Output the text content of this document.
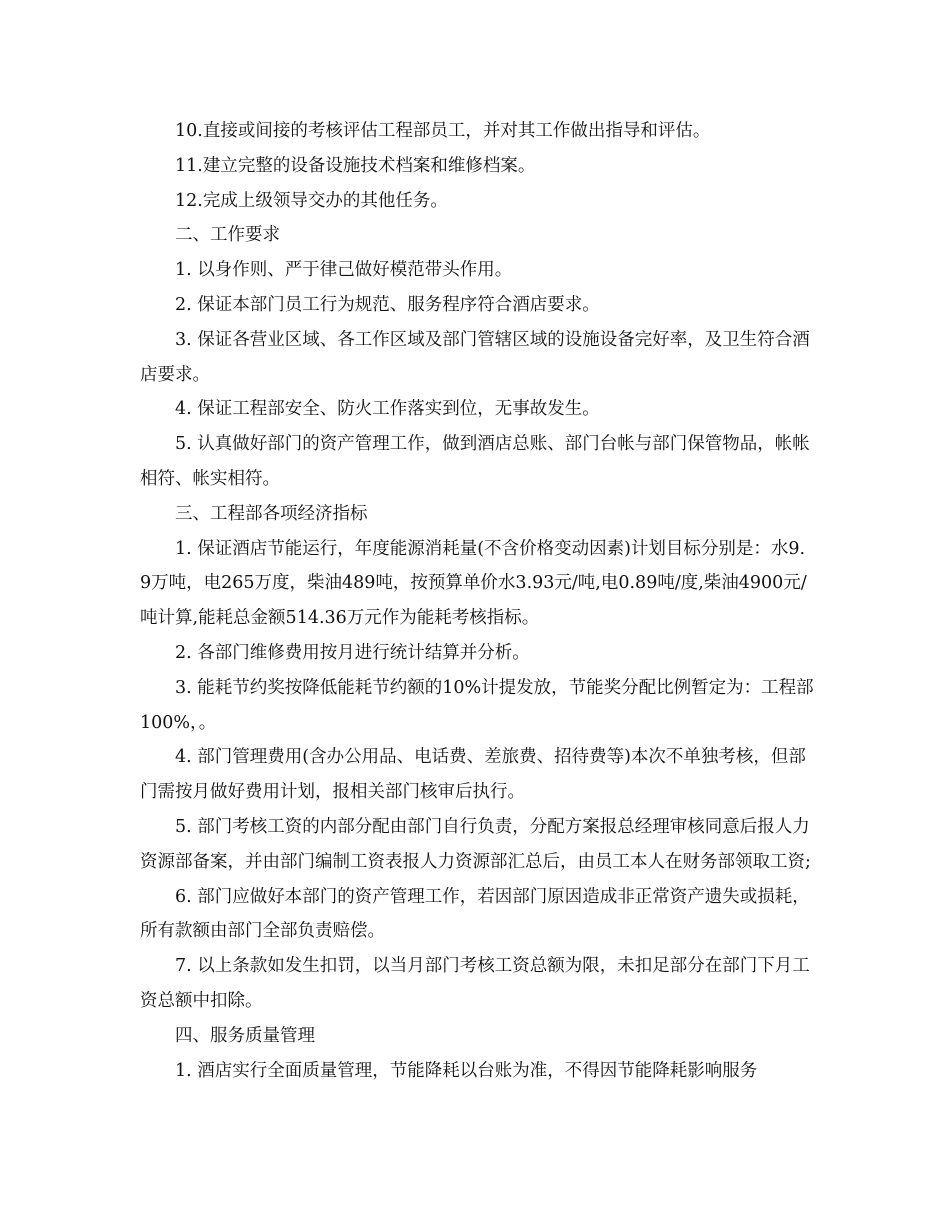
10.直接或间接的考核评估工程部员工，并对其工作做出指导和评估。

11.建立完整的设备设施技术档案和维修档案。

12.完成上级领导交办的其他任务。

二、工作要求

1. 以身作则、严于律己做好模范带头作用。

2. 保证本部门员工行为规范、服务程序符合酒店要求。

3. 保证各营业区域、各工作区域及部门管辖区域的设施设备完好率，及卫生符合酒店要求。

4. 保证工程部安全、防火工作落实到位，无事故发生。

5. 认真做好部门的资产管理工作，做到酒店总账、部门台帐与部门保管物品，帐帐相符、帐实相符。

三、工程部各项经济指标

1. 保证酒店节能运行，年度能源消耗量(不含价格变动因素)计划目标分别是：水9.9万吨，电265万度，柴油489吨，按预算单价水3.93元/吨,电0.89吨/度,柴油4900元/吨计算,能耗总金额514.36万元作为能耗考核指标。

2. 各部门维修费用按月进行统计结算并分析。

3. 能耗节约奖按降低能耗节约额的10%计提发放，节能奖分配比例暂定为：工程部100%，。

4. 部门管理费用(含办公用品、电话费、差旅费、招待费等)本次不单独考核，但部门需按月做好费用计划，报相关部门核审后执行。

5. 部门考核工资的内部分配由部门自行负责，分配方案报总经理审核同意后报人力资源部备案，并由部门编制工资表报人力资源部汇总后，由员工本人在财务部领取工资;

6. 部门应做好本部门的资产管理工作，若因部门原因造成非正常资产遗失或损耗，所有款额由部门全部负责赔偿。

7. 以上条款如发生扣罚，以当月部门考核工资总额为限，未扣足部分在部门下月工资总额中扣除。

四、服务质量管理

1. 酒店实行全面质量管理，节能降耗以台账为准，不得因节能降耗影响服务
